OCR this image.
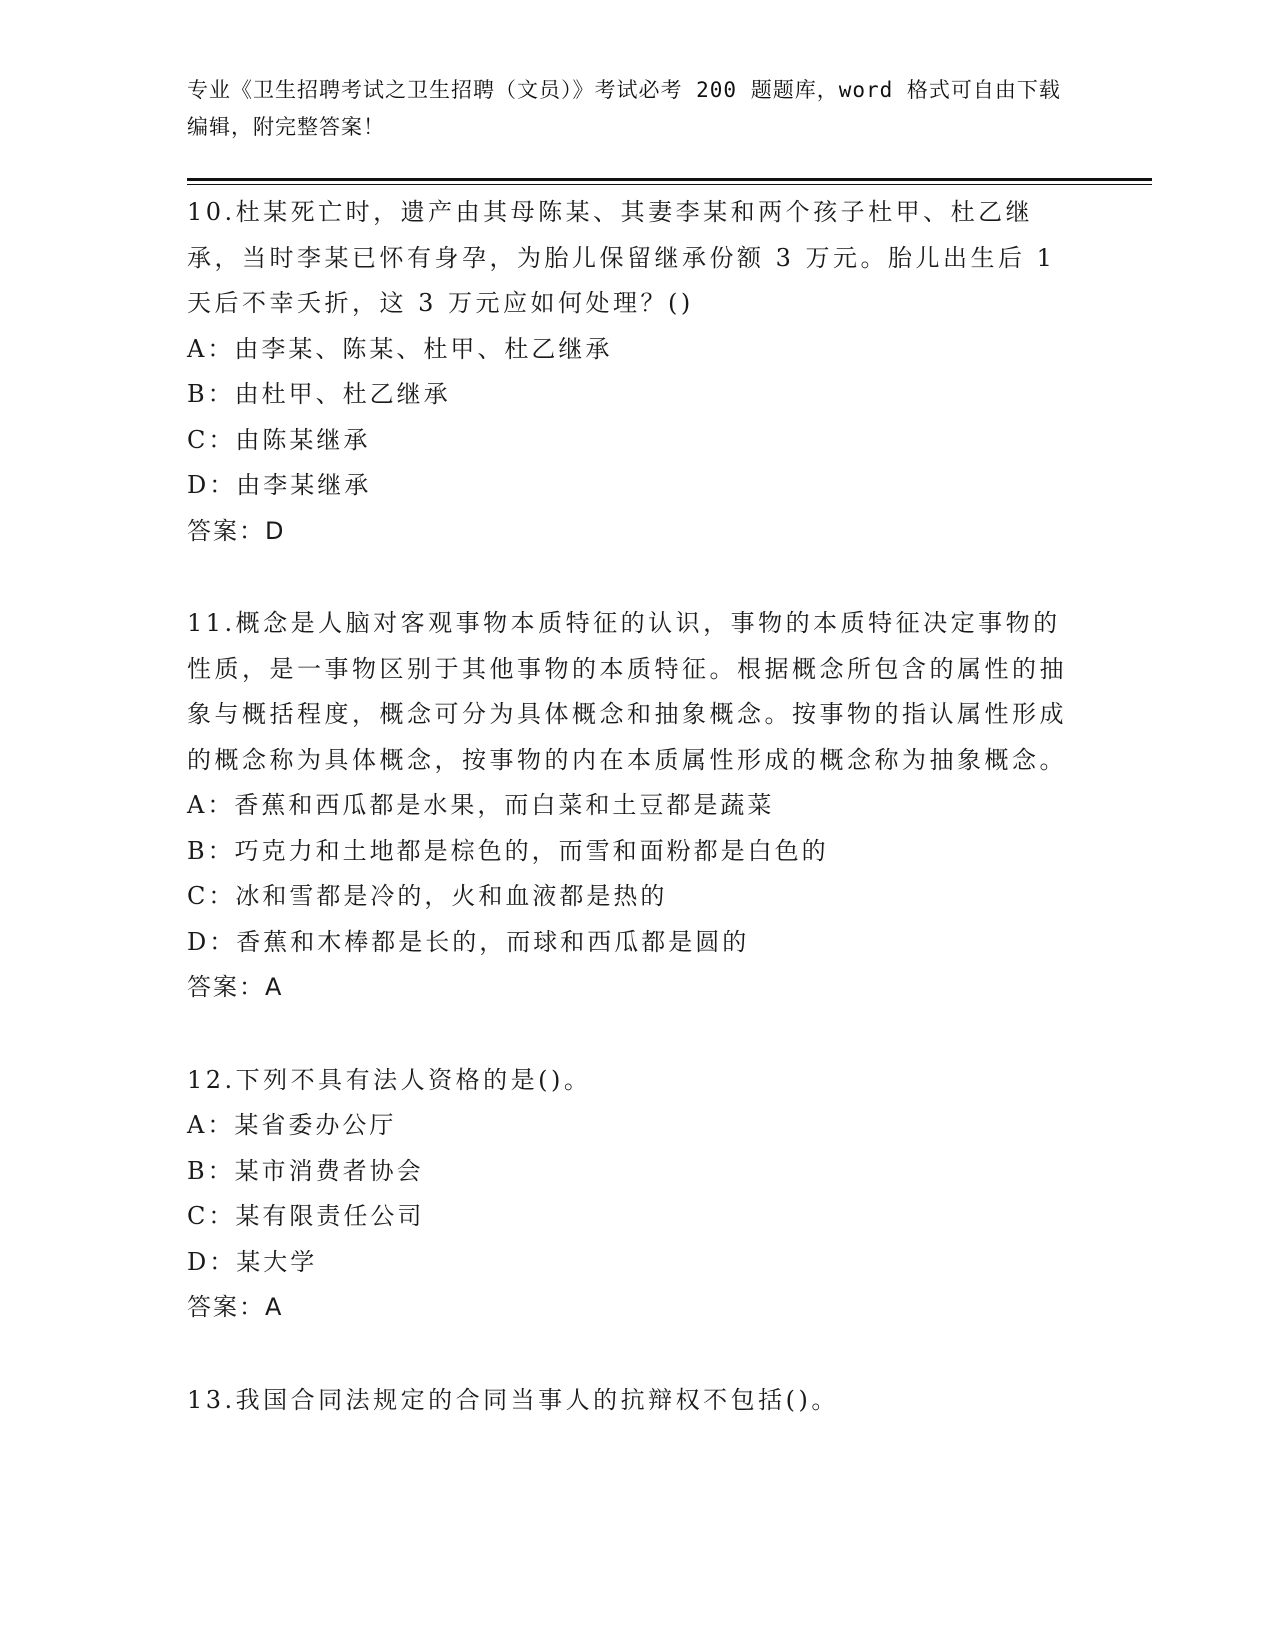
专业《卫生招聘考试之卫生招聘（文员）》考试必考 200 题题库，word 格式可自由下载编辑，附完整答案！

10.杜某死亡时，遗产由其母陈某、其妻李某和两个孩子杜甲、杜乙继承，当时李某已怀有身孕，为胎儿保留继承份额 3 万元。胎儿出生后 1 天后不幸夭折，这 3 万元应如何处理？()

A：由李某、陈某、杜甲、杜乙继承

B：由杜甲、杜乙继承

C：由陈某继承

D：由李某继承

答案：D

11.概念是人脑对客观事物本质特征的认识，事物的本质特征决定事物的性质，是一事物区别于其他事物的本质特征。根据概念所包含的属性的抽象与概括程度，概念可分为具体概念和抽象概念。按事物的指认属性形成的概念称为具体概念，按事物的内在本质属性形成的概念称为抽象概念。

A：香蕉和西瓜都是水果，而白菜和土豆都是蔬菜

B：巧克力和土地都是棕色的，而雪和面粉都是白色的

C：冰和雪都是冷的，火和血液都是热的

D：香蕉和木棒都是长的，而球和西瓜都是圆的

答案：A

12.下列不具有法人资格的是()。

A：某省委办公厅

B：某市消费者协会

C：某有限责任公司

D：某大学

答案：A

13.我国合同法规定的合同当事人的抗辩权不包括()。
